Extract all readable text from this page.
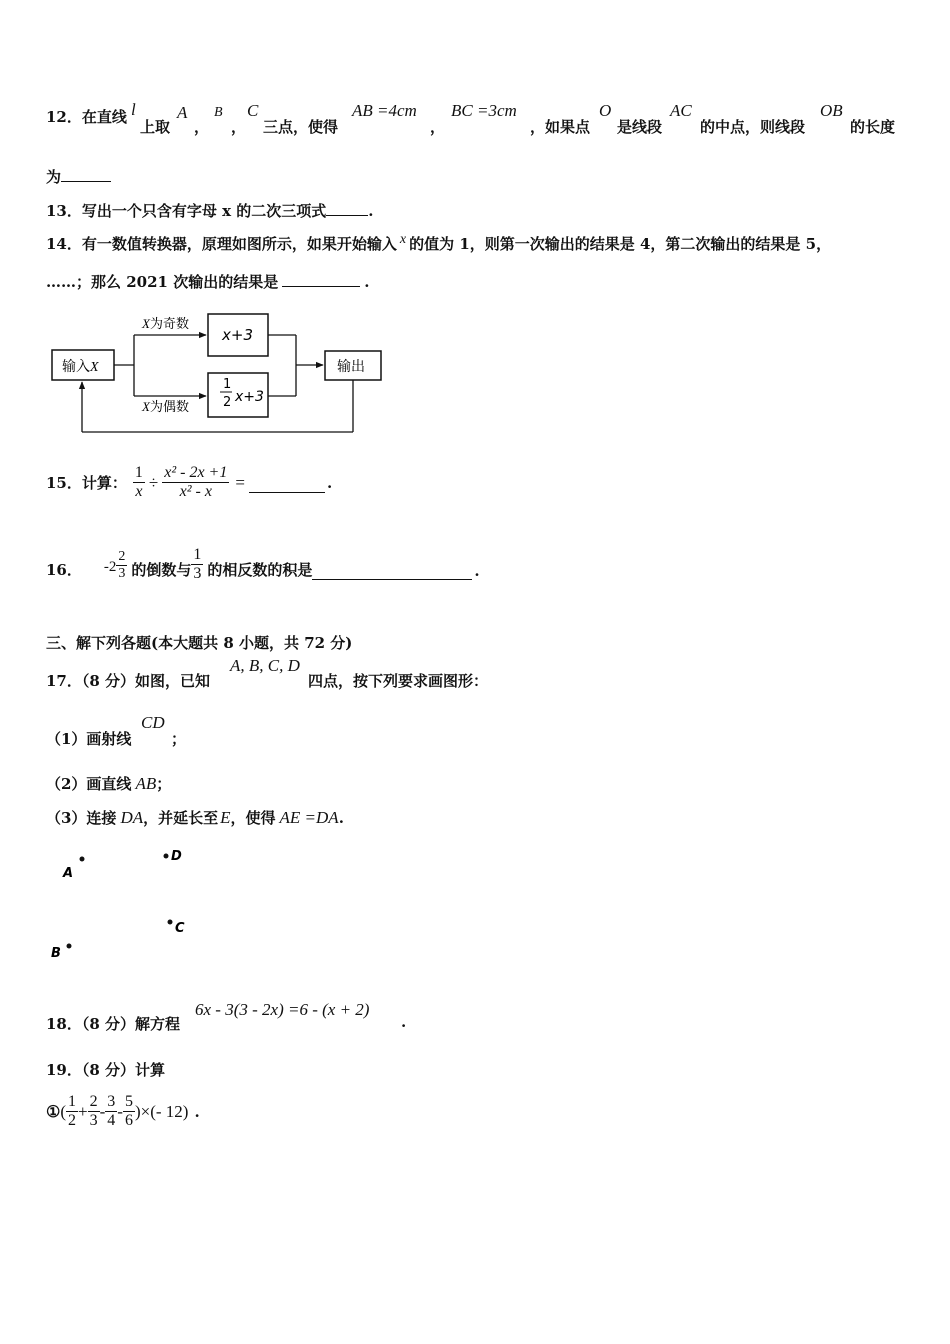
12．在直线 l
上取
A
，
B
，
C
三点，使得
AB =4cm
，
BC =3cm
，如果点
O
是线段
AC
的中点，则线段
OB
的长度
为
13．写出一个只含有字母 x 的二次三项式	.
14．有一数值转换器，原理如图所示，如果开始输入 x 的值为 1，则第一次输出的结果是 4，第二次输出的结果是 5，
……；那么 2021 次输出的结果是	.
输入X
X为奇数
X为偶数
x+3
1
2 x+3
输出
15．计算： $\frac{1}{x} \div \frac{\text{x² - 2x +1}}{\text{x² - x}}$ =	.
16． $-2 \frac{2}{3}$ 的倒数与 $\frac{1}{3}$ 的相反数的积是	.
三、解下列各题(本大题共 8 小题，共 72 分)
17．（8 分）如图，已知
A, B, C, D
四点，按下列要求画图形：
（1）画射线
CD
；
（2）画直线 AB；
（3）连接 DA，并延长至 E，使得 AE =DA.
A
D
C
B
18．（8 分）解方程
6x - 3(3 - 2x) =6 - (x + 2)
.
19．（8 分）计算
① ( $\frac{1}{2} + \frac{2}{3} - \frac{3}{4} - \frac{5}{6}$ )×(- 12) .
